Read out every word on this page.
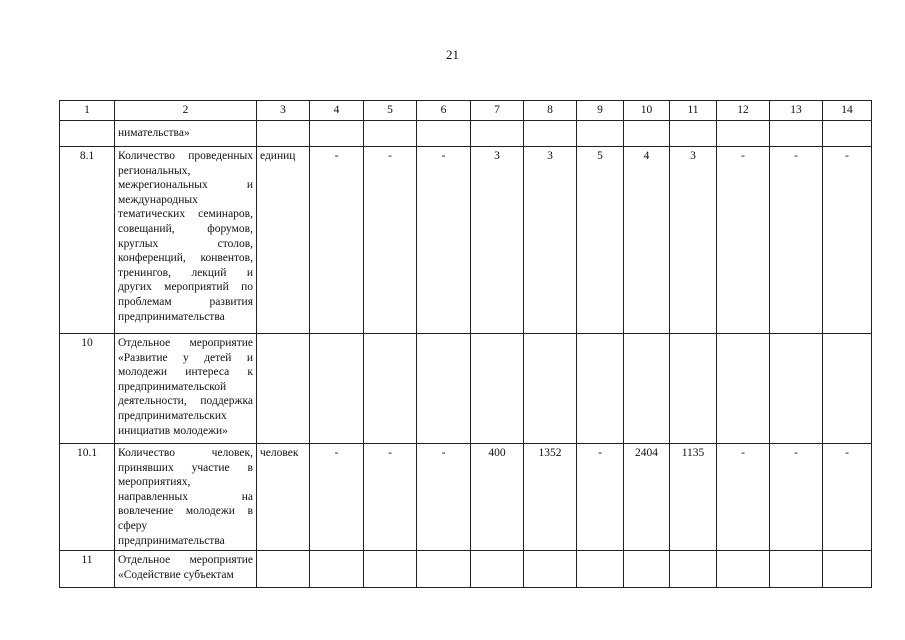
21
1	2	3	4	5	6	7	8	9	10	11	12	13	14
	нимательства»												
8.1	Количество проведенных региональных, межрегиональных и международных тематических семинаров, совещаний, форумов, круглых столов, конференций, конвентов, тренингов, лекций и других мероприятий по проблемам развития предпринимательства	единиц	-	-	-	3	3	5	4	3	-	-	-
10	Отдельное мероприятие «Развитие у детей и молодежи интереса к предпринимательской деятельности, поддержка предпринимательских инициатив молодежи»												
10.1	Количество человек, принявших участие в мероприятиях, направленных на вовлечение молодежи в сферу предпринимательства	человек	-	-	-	400	1352	-	2404	1135	-	-	-
11	Отдельное мероприятие «Содействие субъектам												
